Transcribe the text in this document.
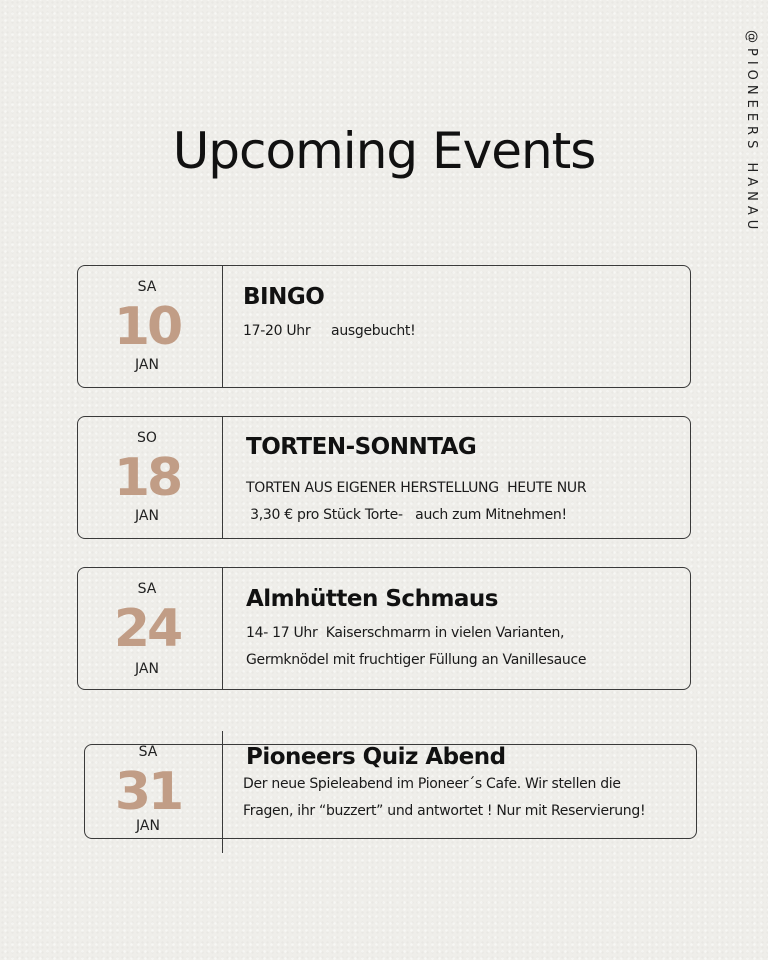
@PIONEERS HANAU
Upcoming Events
SA
10
JAN
BINGO
17-20 Uhr     ausgebucht!
SO
18
JAN
TORTEN-SONNTAG
TORTEN AUS EIGENER HERSTELLUNG  HEUTE NUR
3,30 € pro Stück Torte-   auch zum Mitnehmen!
SA
24
JAN
Almhütten Schmaus
14- 17 Uhr  Kaiserschmarrn in vielen Varianten,
Germknödel mit fruchtiger Füllung an Vanillesauce
SA
31
JAN
Pioneers Quiz Abend
Der neue Spieleabend im Pioneer´s Cafe. Wir stellen die
Fragen, ihr “buzzert” und antwortet ! Nur mit Reservierung!
